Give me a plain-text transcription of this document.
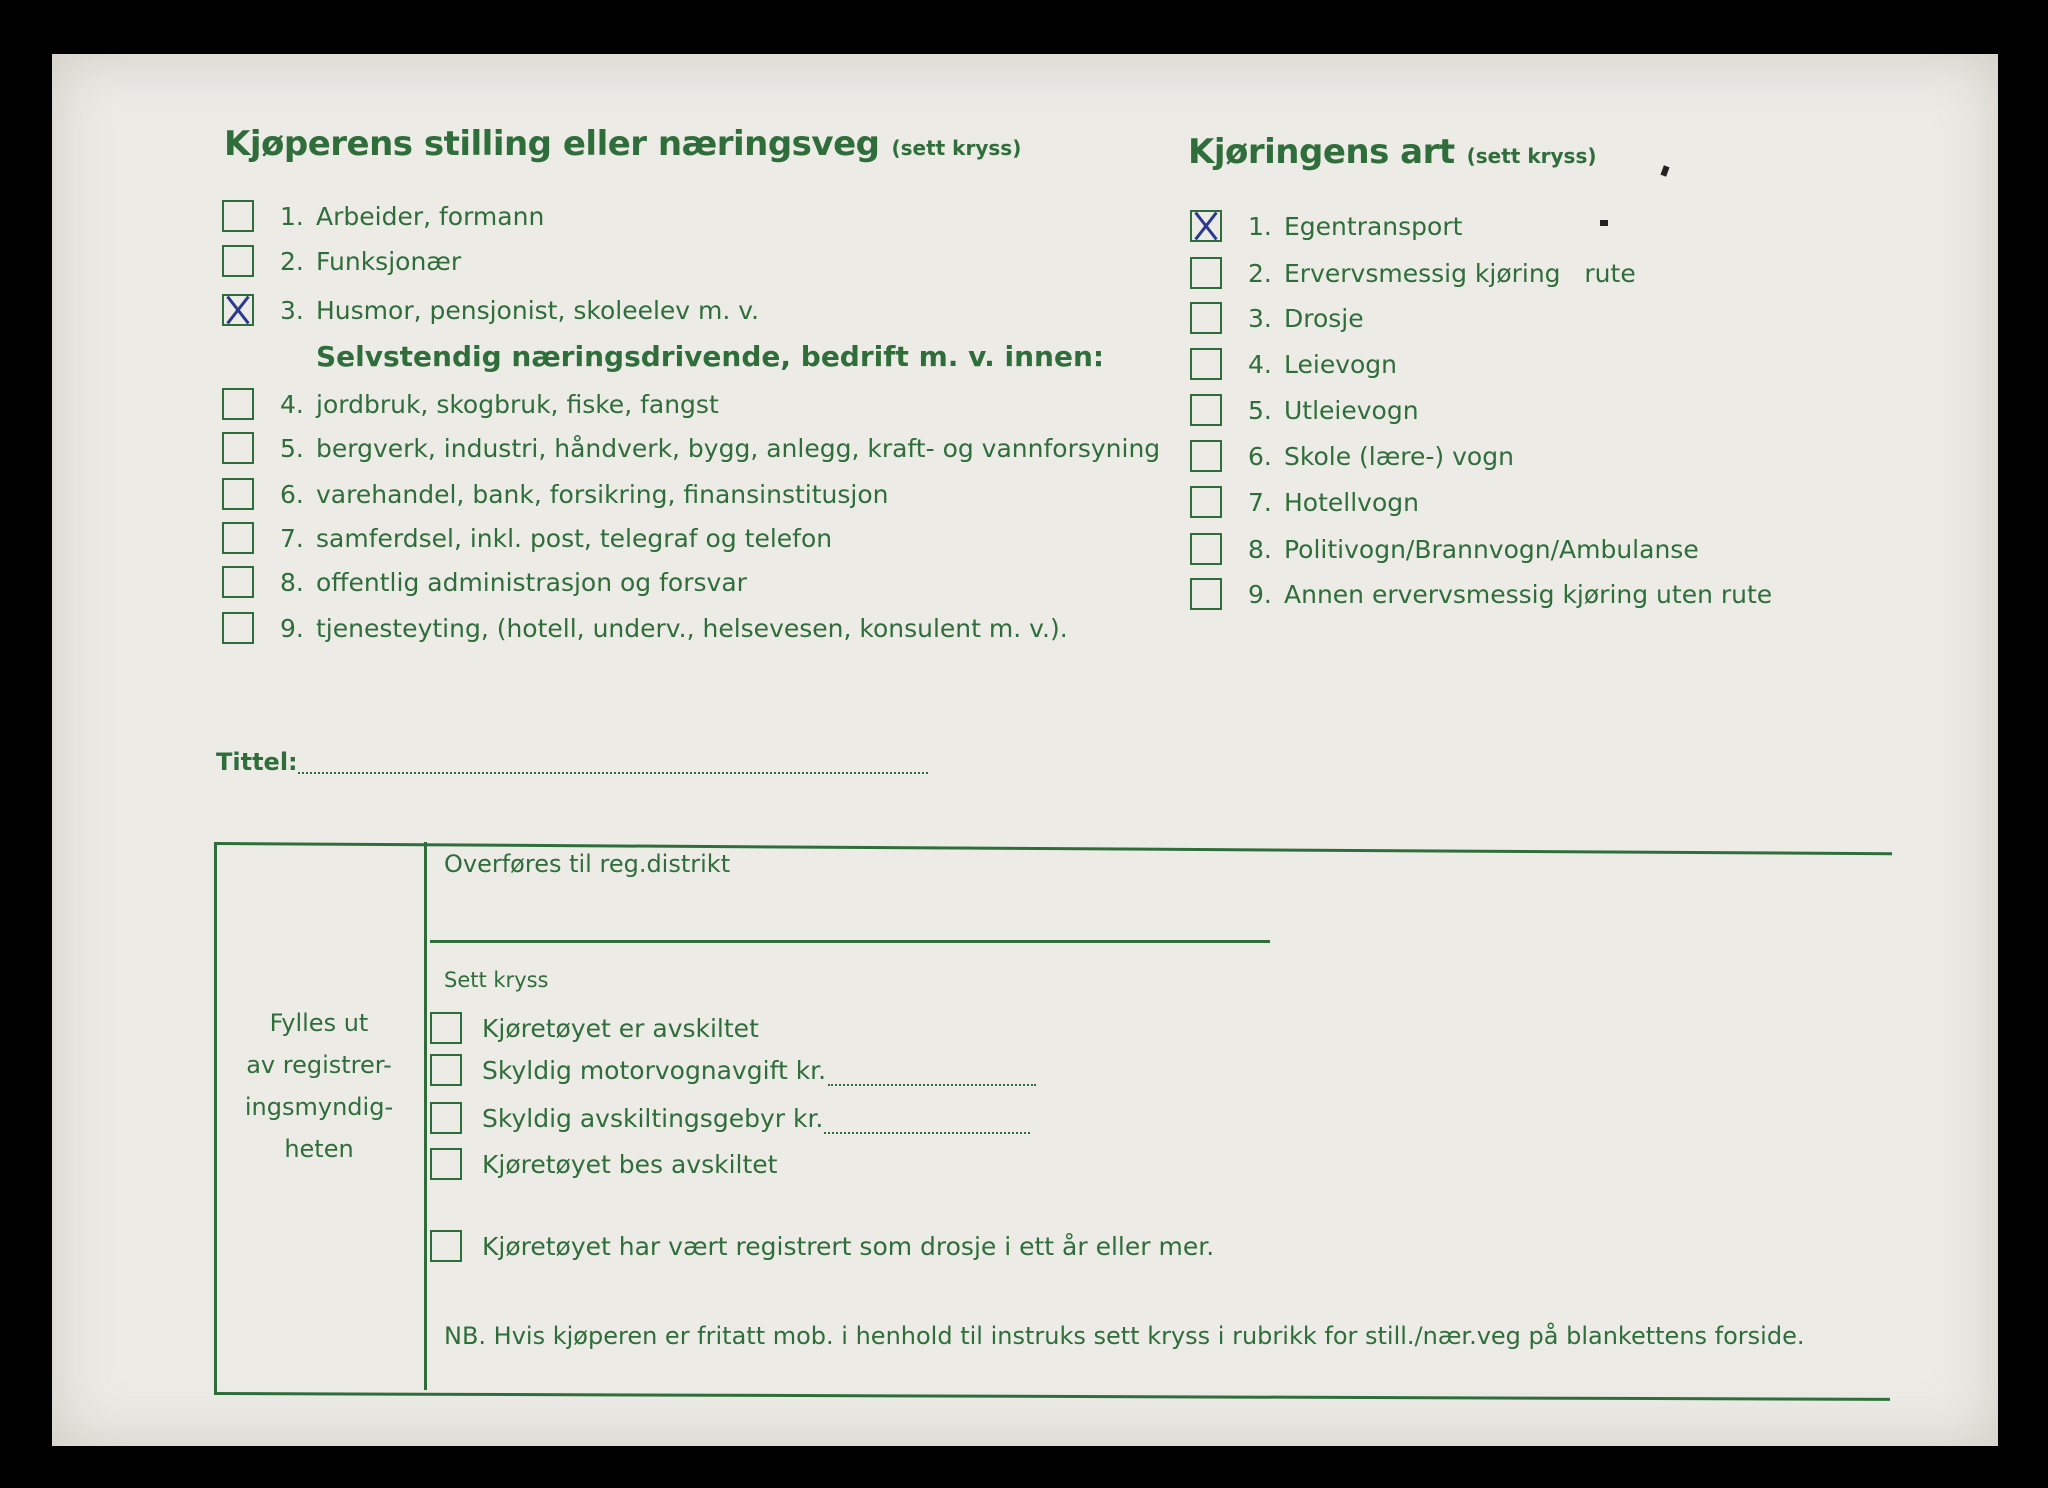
Kjøperens stilling eller næringsveg (sett kryss)
1. Arbeider, formann
2. Funksjonær
3. Husmor, pensjonist, skoleelev m. v.
Selvstendig næringsdrivende, bedrift m. v. innen:
4. jordbruk, skogbruk, fiske, fangst
5. bergverk, industri, håndverk, bygg, anlegg, kraft- og vannforsyning
6. varehandel, bank, forsikring, finansinstitusjon
7. samferdsel, inkl. post, telegraf og telefon
8. offentlig administrasjon og forsvar
9. tjenesteyting, (hotell, underv., helsevesen, konsulent m. v.).
Kjøringens art (sett kryss)
1. Egentransport
2. Ervervsmessig kjøring   rute
3. Drosje
4. Leievogn
5. Utleievogn
6. Skole (lære-) vogn
7. Hotellvogn
8. Politivogn/Brannvogn/Ambulanse
9. Annen ervervsmessig kjøring uten rute
Tittel:
Fylles ut
av registrer-
ingsmyndig-
heten
Overføres til reg.distrikt
Sett kryss
Kjøretøyet er avskiltet
Skyldig motorvognavgift kr.
Skyldig avskiltingsgebyr kr.
Kjøretøyet bes avskiltet
Kjøretøyet har vært registrert som drosje i ett år eller mer.
NB. Hvis kjøperen er fritatt mob. i henhold til instruks sett kryss i rubrikk for still./nær.veg på blankettens forside.
